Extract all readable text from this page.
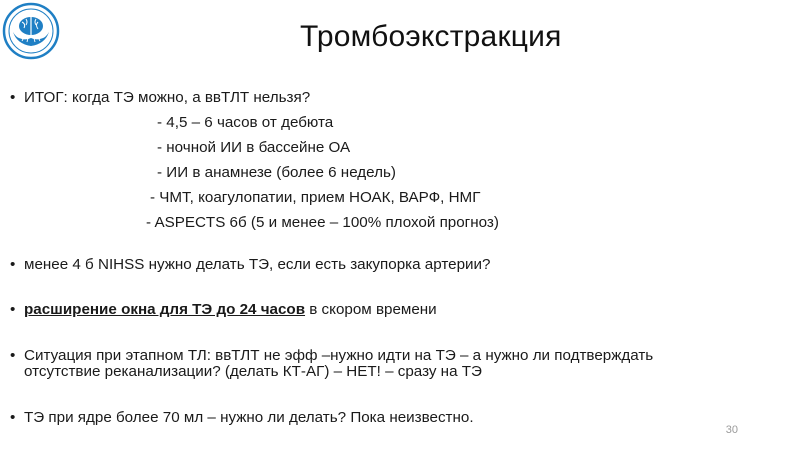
Тромбоэкстракция
• ИТОГ: когда ТЭ можно, а ввТЛТ нельзя?
- 4,5 – 6 часов от дебюта
- ночной ИИ в бассейне ОА
- ИИ в анамнезе (более 6 недель)
- ЧМТ, коагулопатии, прием НОАК, ВАРФ, НМГ
- ASPECTS 6б (5 и менее – 100% плохой прогноз)
• менее 4 б NIHSS нужно делать ТЭ, если есть закупорка артерии?
• расширение окна для ТЭ до 24 часов в скором времени
• Ситуация при этапном ТЛ: ввТЛТ не эфф –нужно идти на ТЭ – а нужно ли подтверждать
отсутствие реканализации? (делать КТ-АГ) – НЕТ! – сразу на ТЭ
• ТЭ при ядре более 70 мл – нужно ли делать? Пока неизвестно.
30
